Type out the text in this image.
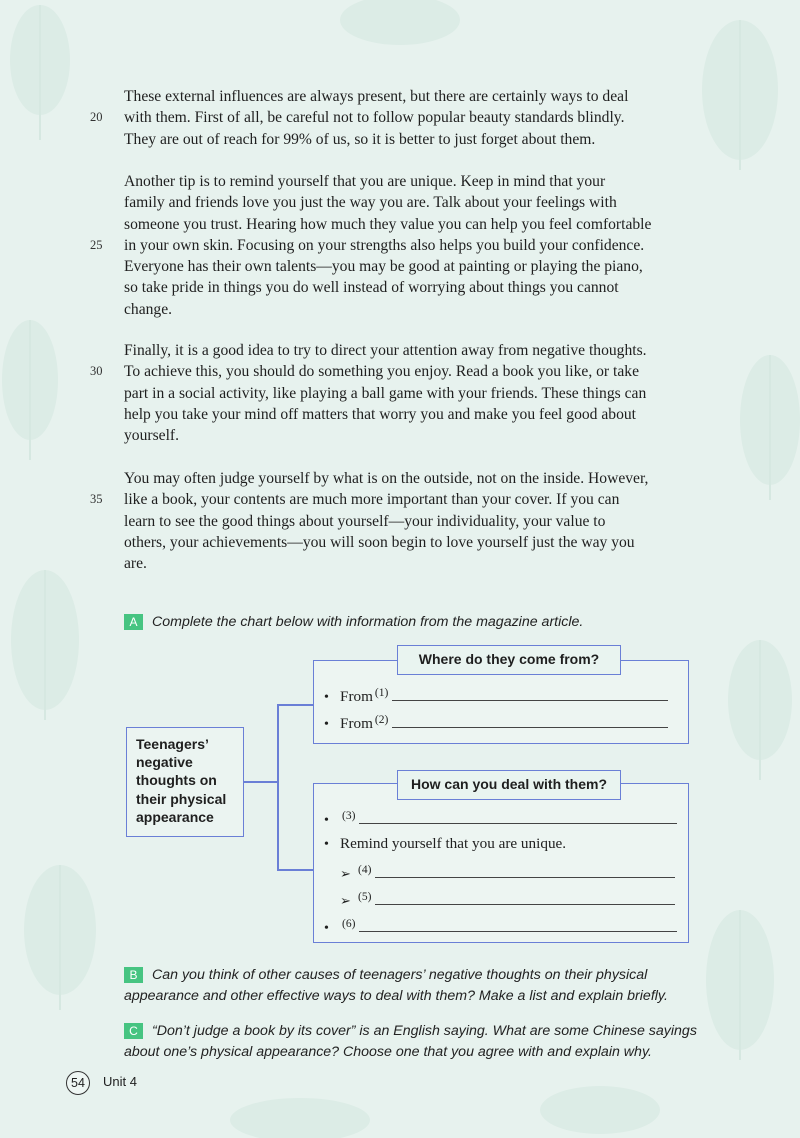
These external influences are always present, but there are certainly ways to deal
20 with them. First of all, be careful not to follow popular beauty standards blindly.
They are out of reach for 99% of us, so it is better to just forget about them.
Another tip is to remind yourself that you are unique. Keep in mind that your
family and friends love you just the way you are. Talk about your feelings with
someone you trust. Hearing how much they value you can help you feel comfortable
25 in your own skin. Focusing on your strengths also helps you build your confidence.
Everyone has their own talents—you may be good at painting or playing the piano,
so take pride in things you do well instead of worrying about things you cannot
change.
Finally, it is a good idea to try to direct your attention away from negative thoughts.
30 To achieve this, you should do something you enjoy. Read a book you like, or take
part in a social activity, like playing a ball game with your friends. These things can
help you take your mind off matters that worry you and make you feel good about
yourself.
You may often judge yourself by what is on the outside, not on the inside. However,
35 like a book, your contents are much more important than your cover. If you can
learn to see the good things about yourself—your individuality, your value to
others, your achievements—you will soon begin to love yourself just the way you
are.
A Complete the chart below with information from the magazine article.
Teenagers’
negative
thoughts on
their physical
appearance
Where do they come from?
• From $^{(1)}$
• From $^{(2)}$
How can you deal with them?
• $^{(3)}$
• Remind yourself that you are unique.
➢ $^{(4)}$
➢ $^{(5)}$
• $^{(6)}$
B Can you think of other causes of teenagers’ negative thoughts on their physical
appearance and other effective ways to deal with them? Make a list and explain briefly.
C “Don’t judge a book by its cover” is an English saying. What are some Chinese sayings
about one’s physical appearance? Choose one that you agree with and explain why.
54	Unit 4
